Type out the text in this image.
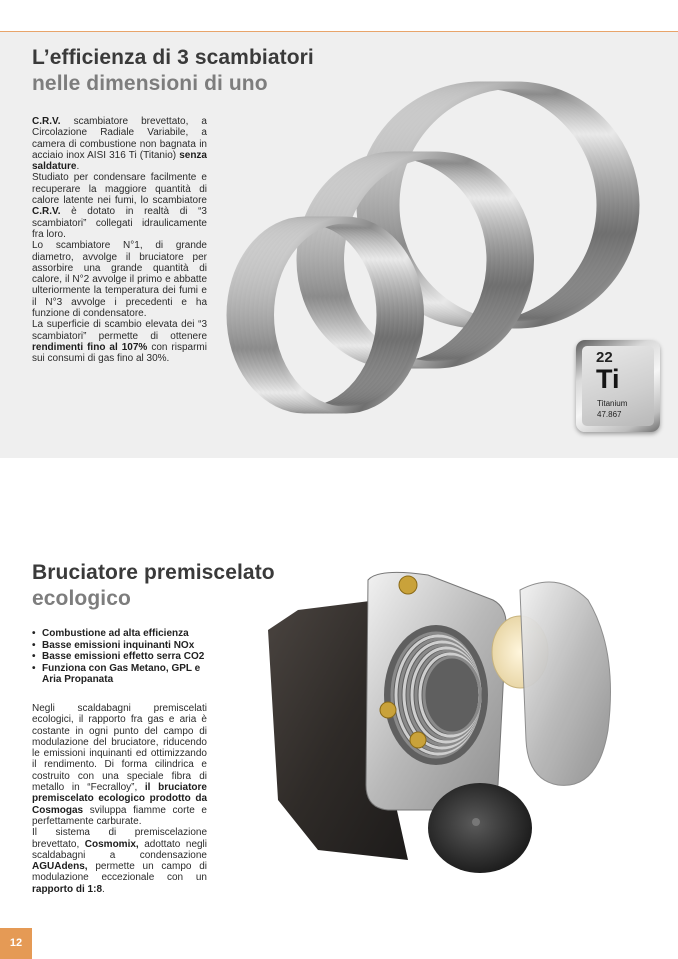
L’efficienza di 3 scambiatori
nelle dimensioni di uno

C.R.V. scambiatore brevettato, a Circolazione Radiale Variabile, a camera di combustione non bagnata in acciaio inox AISI 316 Ti (Titanio) senza saldature.

Studiato per condensare facilmente e recuperare la maggiore quantità di calore latente nei fumi, lo scambiatore C.R.V. è dotato in realtà di “3 scambiatori” collegati idraulicamente fra loro.

Lo scambiatore N°1, di grande diametro, avvolge il bruciatore per assorbire una grande quantità di calore, il N°2 avvolge il primo e abbatte ulteriormente la temperatura dei fumi e il N°3 avvolge i precedenti e ha funzione di condensatore.

La superficie di scambio elevata dei “3 scambiatori” permette di ottenere rendimenti fino al 107% con risparmi sui consumi di gas fino al 30%.	22
Ti
Titanium
47.867
Bruciatore premiscelato
ecologico
• Combustione ad alta efficienza
• Basse emissioni inquinanti NOx
• Basse emissioni effetto serra CO2
• Funziona con Gas Metano, GPL e Aria Propanata

Negli scaldabagni premiscelati ecologici, il rapporto fra gas e aria è costante in ogni punto del campo di modulazione del bruciatore, riducendo le emissioni inquinanti ed ottimizzando il rendimento. Di forma cilindrica e costruito con una speciale fibra di metallo in “Fecralloy”, il bruciatore premiscelato ecologico prodotto da Cosmogas sviluppa fiamme corte e perfettamente carburate.

Il sistema di premiscelazione brevettato, Cosmomix, adottato negli scaldabagni a condensazione AGUAdens, permette un campo di modulazione eccezionale con un rapporto di 1:8.

12
